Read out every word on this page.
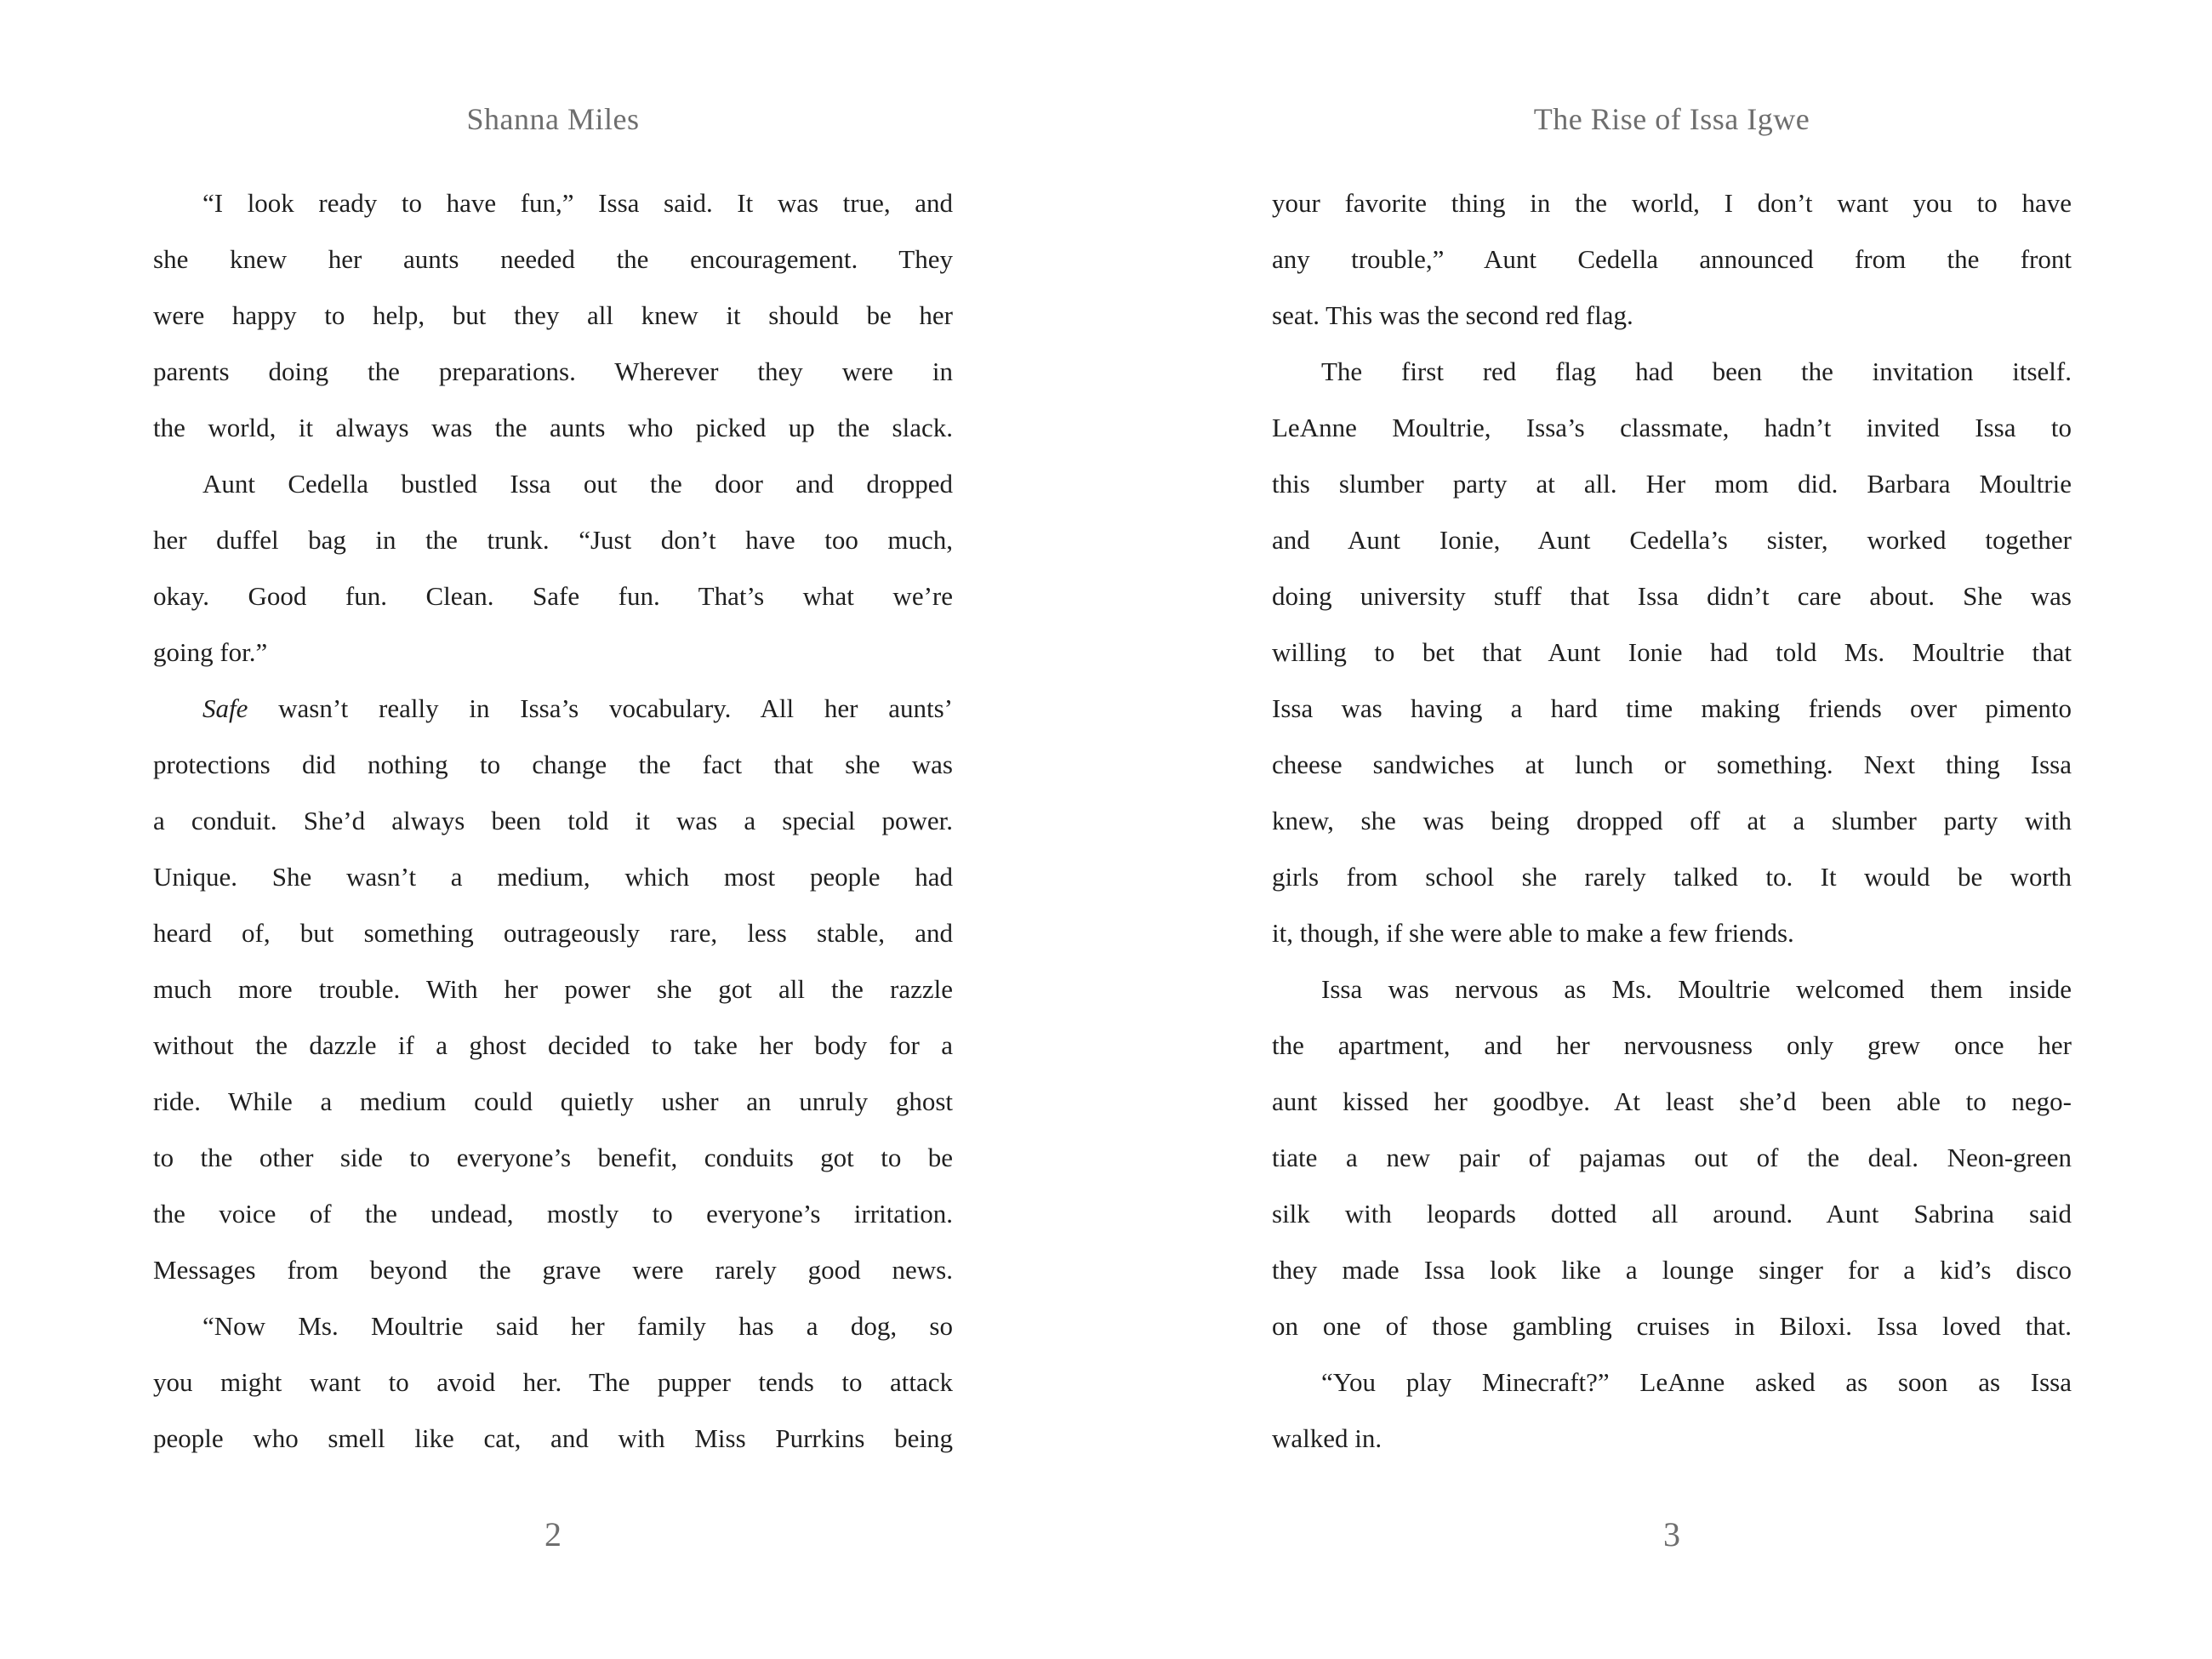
Shanna Miles	The Rise of Issa Igwe
“I look ready to have fun,” Issa said. It was true, and
she knew her aunts needed the encouragement. They
were happy to help, but they all knew it should be her
parents doing the preparations. Wherever they were in
the world, it always was the aunts who picked up the slack.
Aunt Cedella bustled Issa out the door and dropped
her duffel bag in the trunk. “Just don’t have too much,
okay. Good fun. Clean. Safe fun. That’s what we’re
going for.”
Safe wasn’t really in Issa’s vocabulary. All her aunts’
protections did nothing to change the fact that she was
a conduit. She’d always been told it was a special power.
Unique. She wasn’t a medium, which most people had
heard of, but something outrageously rare, less stable, and
much more trouble. With her power she got all the razzle
without the dazzle if a ghost decided to take her body for a
ride. While a medium could quietly usher an unruly ghost
to the other side to everyone’s benefit, conduits got to be
the voice of the undead, mostly to everyone’s irritation.
Messages from beyond the grave were rarely good news.
“Now Ms. Moultrie said her family has a dog, so
you might want to avoid her. The pupper tends to attack
people who smell like cat, and with Miss Purrkins being
your favorite thing in the world, I don’t want you to have
any trouble,” Aunt Cedella announced from the front
seat. This was the second red flag.
The first red flag had been the invitation itself.
LeAnne Moultrie, Issa’s classmate, hadn’t invited Issa to
this slumber party at all. Her mom did. Barbara Moultrie
and Aunt Ionie, Aunt Cedella’s sister, worked together
doing university stuff that Issa didn’t care about. She was
willing to bet that Aunt Ionie had told Ms. Moultrie that
Issa was having a hard time making friends over pimento
cheese sandwiches at lunch or something. Next thing Issa
knew, she was being dropped off at a slumber party with
girls from school she rarely talked to. It would be worth
it, though, if she were able to make a few friends.
Issa was nervous as Ms. Moultrie welcomed them inside
the apartment, and her nervousness only grew once her
aunt kissed her goodbye. At least she’d been able to nego-
tiate a new pair of pajamas out of the deal. Neon-green
silk with leopards dotted all around. Aunt Sabrina said
they made Issa look like a lounge singer for a kid’s disco
on one of those gambling cruises in Biloxi. Issa loved that.
“You play Minecraft?” LeAnne asked as soon as Issa
walked in.
2	3
